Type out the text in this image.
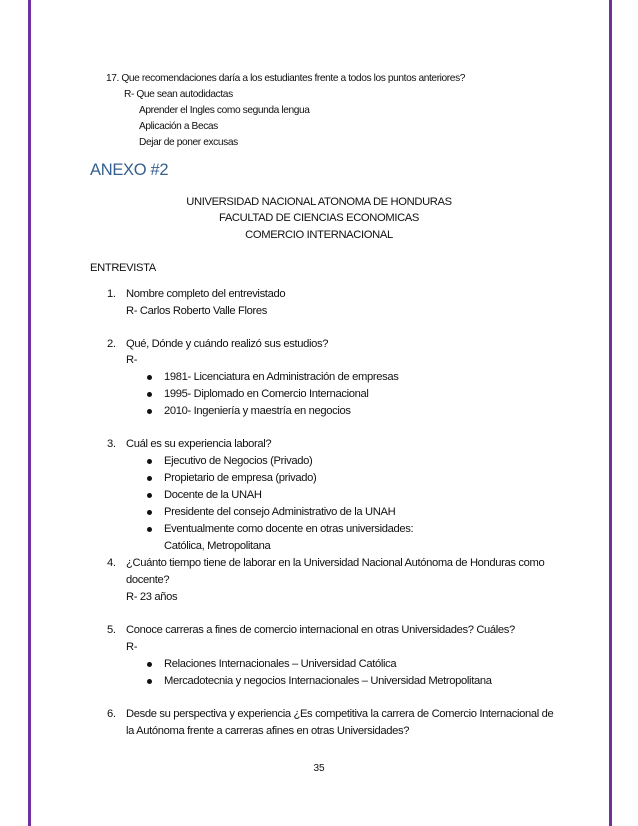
17. Que recomendaciones daría a los estudiantes frente a todos los puntos anteriores?
R- Que sean autodidactas
Aprender el Ingles como segunda lengua
Aplicación a Becas
Dejar de poner excusas
ANEXO #2
UNIVERSIDAD NACIONAL ATONOMA DE HONDURAS
FACULTAD DE CIENCIAS ECONOMICAS
COMERCIO INTERNACIONAL
ENTREVISTA
1. Nombre completo del entrevistado
R- Carlos Roberto Valle Flores
2. Qué, Dónde y cuándo realizó sus estudios?
R-
1981- Licenciatura en Administración de empresas
1995- Diplomado en Comercio Internacional
2010- Ingeniería y maestría en negocios
3. Cuál es su experiencia laboral?
Ejecutivo de Negocios (Privado)
Propietario de empresa (privado)
Docente de la UNAH
Presidente del consejo Administrativo de la UNAH
Eventualmente como docente en otras universidades:
Católica, Metropolitana
4. ¿Cuánto tiempo tiene de laborar en la Universidad Nacional Autónoma de Honduras como
docente?
R- 23 años
5. Conoce carreras a fines de comercio internacional en otras Universidades? Cuáles?
R-
Relaciones Internacionales – Universidad Católica
Mercadotecnia y negocios Internacionales – Universidad Metropolitana
6. Desde su perspectiva y experiencia ¿Es competitiva la carrera de Comercio Internacional de
la Autónoma frente a carreras afines en otras Universidades?
35
